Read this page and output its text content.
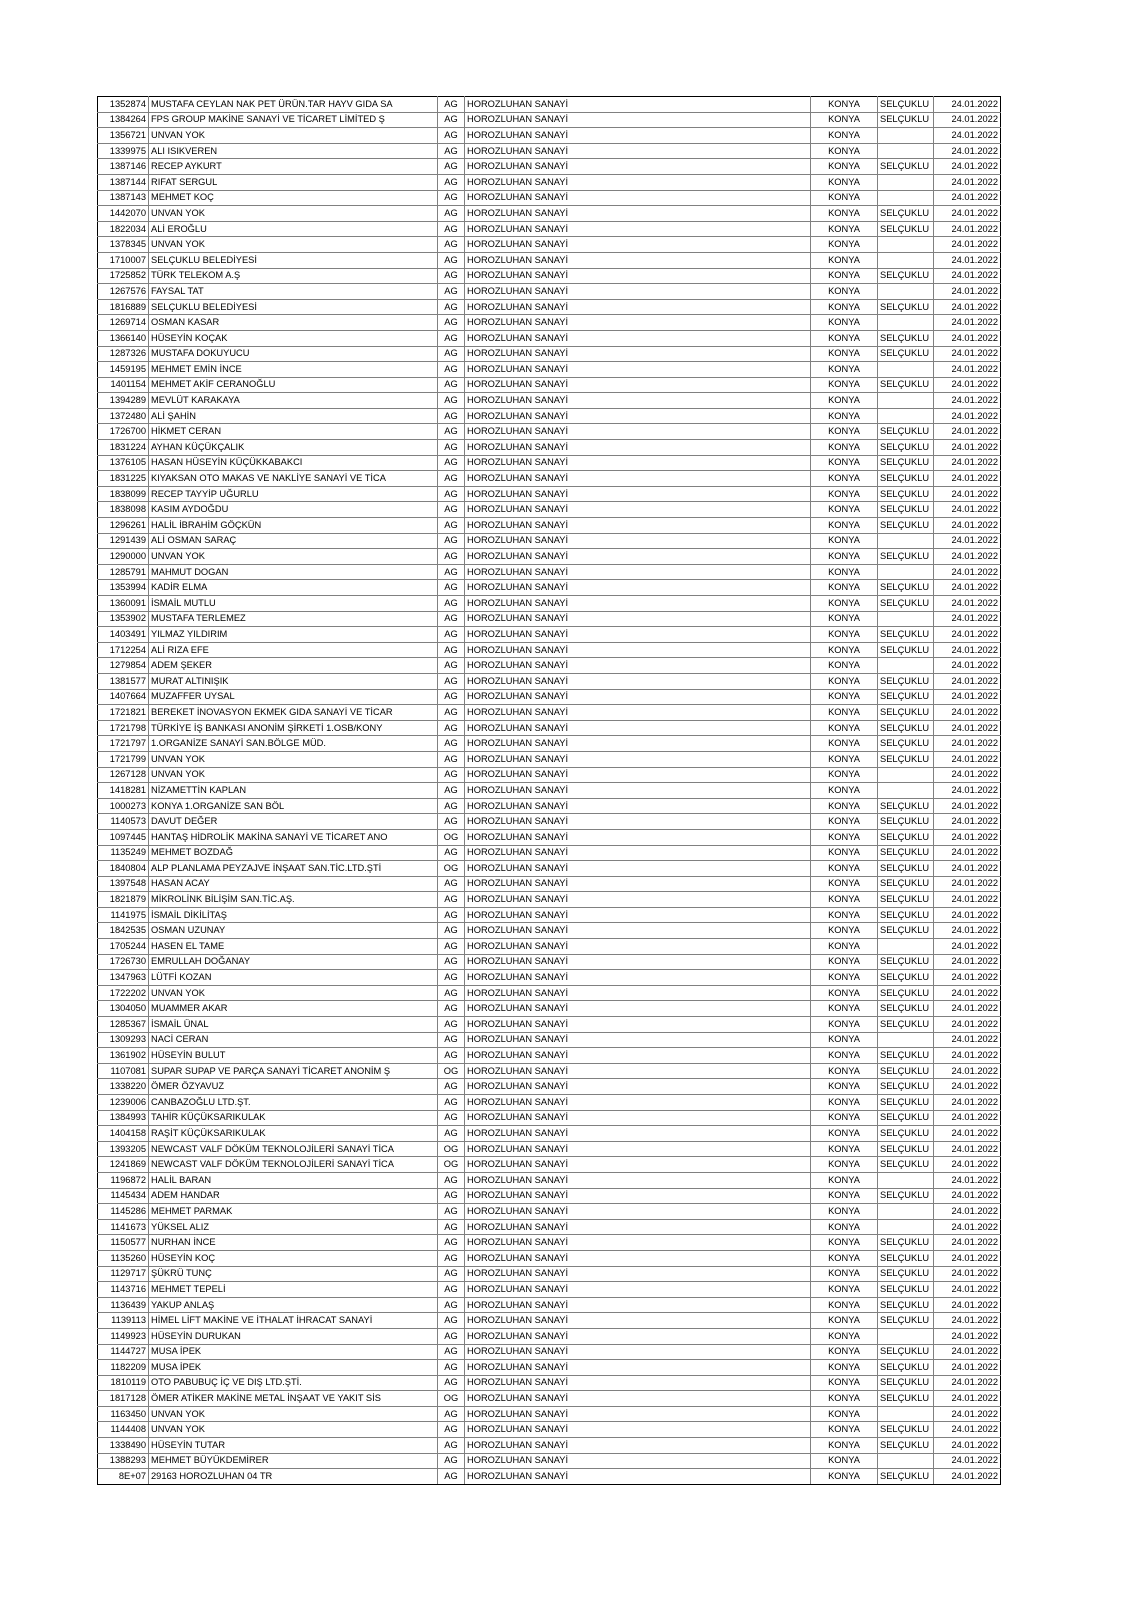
1352874	MUSTAFA CEYLAN NAK PET ÜRÜN.TAR HAYV GIDA SA	AG	HOROZLUHAN SANAYİ	KONYA	SELÇUKLU	24.01.2022
1384264	FPS GROUP MAKİNE SANAYİ VE TİCARET LİMİTED Ş	AG	HOROZLUHAN SANAYİ	KONYA	SELÇUKLU	24.01.2022
1356721	UNVAN YOK	AG	HOROZLUHAN SANAYİ	KONYA		24.01.2022
1339975	ALI ISIKVEREN	AG	HOROZLUHAN SANAYİ	KONYA		24.01.2022
1387146	RECEP AYKURT	AG	HOROZLUHAN SANAYİ	KONYA	SELÇUKLU	24.01.2022
1387144	RIFAT SERGUL	AG	HOROZLUHAN SANAYİ	KONYA		24.01.2022
1387143	MEHMET KOÇ	AG	HOROZLUHAN SANAYİ	KONYA		24.01.2022
1442070	UNVAN YOK	AG	HOROZLUHAN SANAYİ	KONYA	SELÇUKLU	24.01.2022
1822034	ALİ EROĞLU	AG	HOROZLUHAN SANAYİ	KONYA	SELÇUKLU	24.01.2022
1378345	UNVAN YOK	AG	HOROZLUHAN SANAYİ	KONYA		24.01.2022
1710007	SELÇUKLU BELEDİYESİ	AG	HOROZLUHAN SANAYİ	KONYA		24.01.2022
1725852	TÜRK TELEKOM A.Ş	AG	HOROZLUHAN SANAYİ	KONYA	SELÇUKLU	24.01.2022
1267576	FAYSAL TAT	AG	HOROZLUHAN SANAYİ	KONYA		24.01.2022
1816889	SELÇUKLU BELEDİYESİ	AG	HOROZLUHAN SANAYİ	KONYA	SELÇUKLU	24.01.2022
1269714	OSMAN KASAR	AG	HOROZLUHAN SANAYİ	KONYA		24.01.2022
1366140	HÜSEYİN KOÇAK	AG	HOROZLUHAN SANAYİ	KONYA	SELÇUKLU	24.01.2022
1287326	MUSTAFA DOKUYUCU	AG	HOROZLUHAN SANAYİ	KONYA	SELÇUKLU	24.01.2022
1459195	MEHMET EMİN İNCE	AG	HOROZLUHAN SANAYİ	KONYA		24.01.2022
1401154	MEHMET AKİF CERANOĞLU	AG	HOROZLUHAN SANAYİ	KONYA	SELÇUKLU	24.01.2022
1394289	MEVLÜT KARAKAYA	AG	HOROZLUHAN SANAYİ	KONYA		24.01.2022
1372480	ALİ ŞAHİN	AG	HOROZLUHAN SANAYİ	KONYA		24.01.2022
1726700	HİKMET CERAN	AG	HOROZLUHAN SANAYİ	KONYA	SELÇUKLU	24.01.2022
1831224	AYHAN KÜÇÜKÇALIK	AG	HOROZLUHAN SANAYİ	KONYA	SELÇUKLU	24.01.2022
1376105	HASAN HÜSEYİN KÜÇÜKKABAKCI	AG	HOROZLUHAN SANAYİ	KONYA	SELÇUKLU	24.01.2022
1831225	KIYAKSAN OTO MAKAS VE NAKLİYE SANAYİ VE TİCA	AG	HOROZLUHAN SANAYİ	KONYA	SELÇUKLU	24.01.2022
1838099	RECEP TAYYİP UĞURLU	AG	HOROZLUHAN SANAYİ	KONYA	SELÇUKLU	24.01.2022
1838098	KASIM AYDOĞDU	AG	HOROZLUHAN SANAYİ	KONYA	SELÇUKLU	24.01.2022
1296261	HALİL İBRAHİM GÖÇKÜN	AG	HOROZLUHAN SANAYİ	KONYA	SELÇUKLU	24.01.2022
1291439	ALİ OSMAN SARAÇ	AG	HOROZLUHAN SANAYİ	KONYA		24.01.2022
1290000	UNVAN YOK	AG	HOROZLUHAN SANAYİ	KONYA	SELÇUKLU	24.01.2022
1285791	MAHMUT DOGAN	AG	HOROZLUHAN SANAYİ	KONYA		24.01.2022
1353994	KADİR ELMA	AG	HOROZLUHAN SANAYİ	KONYA	SELÇUKLU	24.01.2022
1360091	İSMAİL MUTLU	AG	HOROZLUHAN SANAYİ	KONYA	SELÇUKLU	24.01.2022
1353902	MUSTAFA TERLEMEZ	AG	HOROZLUHAN SANAYİ	KONYA		24.01.2022
1403491	YILMAZ YILDIRIM	AG	HOROZLUHAN SANAYİ	KONYA	SELÇUKLU	24.01.2022
1712254	ALİ RIZA EFE	AG	HOROZLUHAN SANAYİ	KONYA	SELÇUKLU	24.01.2022
1279854	ADEM ŞEKER	AG	HOROZLUHAN SANAYİ	KONYA		24.01.2022
1381577	MURAT ALTINIŞIK	AG	HOROZLUHAN SANAYİ	KONYA	SELÇUKLU	24.01.2022
1407664	MUZAFFER UYSAL	AG	HOROZLUHAN SANAYİ	KONYA	SELÇUKLU	24.01.2022
1721821	BEREKET İNOVASYON EKMEK GIDA SANAYİ VE TİCAR	AG	HOROZLUHAN SANAYİ	KONYA	SELÇUKLU	24.01.2022
1721798	TÜRKİYE İŞ BANKASI ANONİM ŞİRKETİ 1.OSB/KONY	AG	HOROZLUHAN SANAYİ	KONYA	SELÇUKLU	24.01.2022
1721797	1.ORGANİZE SANAYİ SAN.BÖLGE MÜD.	AG	HOROZLUHAN SANAYİ	KONYA	SELÇUKLU	24.01.2022
1721799	UNVAN YOK	AG	HOROZLUHAN SANAYİ	KONYA	SELÇUKLU	24.01.2022
1267128	UNVAN YOK	AG	HOROZLUHAN SANAYİ	KONYA		24.01.2022
1418281	NİZAMETTİN KAPLAN	AG	HOROZLUHAN SANAYİ	KONYA		24.01.2022
1000273	KONYA 1.ORGANİZE SAN BÖL	AG	HOROZLUHAN SANAYİ	KONYA	SELÇUKLU	24.01.2022
1140573	DAVUT DEĞER	AG	HOROZLUHAN SANAYİ	KONYA	SELÇUKLU	24.01.2022
1097445	HANTAŞ HİDROLİK MAKİNA SANAYİ VE TİCARET ANO	OG	HOROZLUHAN SANAYİ	KONYA	SELÇUKLU	24.01.2022
1135249	MEHMET BOZDAĞ	AG	HOROZLUHAN SANAYİ	KONYA	SELÇUKLU	24.01.2022
1840804	ALP PLANLAMA PEYZAJVE İNŞAAT SAN.TİC.LTD.ŞTİ	OG	HOROZLUHAN SANAYİ	KONYA	SELÇUKLU	24.01.2022
1397548	HASAN ACAY	AG	HOROZLUHAN SANAYİ	KONYA	SELÇUKLU	24.01.2022
1821879	MİKROLİNK BİLİŞİM SAN.TİC.AŞ.	AG	HOROZLUHAN SANAYİ	KONYA	SELÇUKLU	24.01.2022
1141975	İSMAİL DİKİLİTAŞ	AG	HOROZLUHAN SANAYİ	KONYA	SELÇUKLU	24.01.2022
1842535	OSMAN UZUNAY	AG	HOROZLUHAN SANAYİ	KONYA	SELÇUKLU	24.01.2022
1705244	HASEN EL TAME	AG	HOROZLUHAN SANAYİ	KONYA		24.01.2022
1726730	EMRULLAH DOĞANAY	AG	HOROZLUHAN SANAYİ	KONYA	SELÇUKLU	24.01.2022
1347963	LÜTFİ KOZAN	AG	HOROZLUHAN SANAYİ	KONYA	SELÇUKLU	24.01.2022
1722202	UNVAN YOK	AG	HOROZLUHAN SANAYİ	KONYA	SELÇUKLU	24.01.2022
1304050	MUAMMER AKAR	AG	HOROZLUHAN SANAYİ	KONYA	SELÇUKLU	24.01.2022
1285367	İSMAİL ÜNAL	AG	HOROZLUHAN SANAYİ	KONYA	SELÇUKLU	24.01.2022
1309293	NACİ CERAN	AG	HOROZLUHAN SANAYİ	KONYA		24.01.2022
1361902	HÜSEYİN BULUT	AG	HOROZLUHAN SANAYİ	KONYA	SELÇUKLU	24.01.2022
1107081	SUPAR SUPAP VE PARÇA SANAYİ TİCARET ANONİM Ş	OG	HOROZLUHAN SANAYİ	KONYA	SELÇUKLU	24.01.2022
1338220	ÖMER ÖZYAVUZ	AG	HOROZLUHAN SANAYİ	KONYA	SELÇUKLU	24.01.2022
1239006	CANBAZOĞLU LTD.ŞT.	AG	HOROZLUHAN SANAYİ	KONYA	SELÇUKLU	24.01.2022
1384993	TAHİR KÜÇÜKSARIKULAK	AG	HOROZLUHAN SANAYİ	KONYA	SELÇUKLU	24.01.2022
1404158	RAŞİT KÜÇÜKSARIKULAK	AG	HOROZLUHAN SANAYİ	KONYA	SELÇUKLU	24.01.2022
1393205	NEWCAST VALF DÖKÜM TEKNOLOJİLERİ SANAYİ TİCA	OG	HOROZLUHAN SANAYİ	KONYA	SELÇUKLU	24.01.2022
1241869	NEWCAST VALF DÖKÜM TEKNOLOJİLERİ SANAYİ TİCA	OG	HOROZLUHAN SANAYİ	KONYA	SELÇUKLU	24.01.2022
1196872	HALİL BARAN	AG	HOROZLUHAN SANAYİ	KONYA		24.01.2022
1145434	ADEM HANDAR	AG	HOROZLUHAN SANAYİ	KONYA	SELÇUKLU	24.01.2022
1145286	MEHMET PARMAK	AG	HOROZLUHAN SANAYİ	KONYA		24.01.2022
1141673	YÜKSEL ALIZ	AG	HOROZLUHAN SANAYİ	KONYA		24.01.2022
1150577	NURHAN İNCE	AG	HOROZLUHAN SANAYİ	KONYA	SELÇUKLU	24.01.2022
1135260	HÜSEYİN KOÇ	AG	HOROZLUHAN SANAYİ	KONYA	SELÇUKLU	24.01.2022
1129717	ŞÜKRÜ TUNÇ	AG	HOROZLUHAN SANAYİ	KONYA	SELÇUKLU	24.01.2022
1143716	MEHMET TEPELİ	AG	HOROZLUHAN SANAYİ	KONYA	SELÇUKLU	24.01.2022
1136439	YAKUP ANLAŞ	AG	HOROZLUHAN SANAYİ	KONYA	SELÇUKLU	24.01.2022
1139113	HİMEL LİFT MAKİNE VE İTHALAT İHRACAT SANAYİ	AG	HOROZLUHAN SANAYİ	KONYA	SELÇUKLU	24.01.2022
1149923	HÜSEYİN DURUKAN	AG	HOROZLUHAN SANAYİ	KONYA		24.01.2022
1144727	MUSA İPEK	AG	HOROZLUHAN SANAYİ	KONYA	SELÇUKLU	24.01.2022
1182209	MUSA İPEK	AG	HOROZLUHAN SANAYİ	KONYA	SELÇUKLU	24.01.2022
1810119	OTO PABUBUÇ İÇ VE DIŞ LTD.ŞTİ.	AG	HOROZLUHAN SANAYİ	KONYA	SELÇUKLU	24.01.2022
1817128	ÖMER ATİKER MAKİNE METAL İNŞAAT VE YAKIT SİS	OG	HOROZLUHAN SANAYİ	KONYA	SELÇUKLU	24.01.2022
1163450	UNVAN YOK	AG	HOROZLUHAN SANAYİ	KONYA		24.01.2022
1144408	UNVAN YOK	AG	HOROZLUHAN SANAYİ	KONYA	SELÇUKLU	24.01.2022
1338490	HÜSEYİN TUTAR	AG	HOROZLUHAN SANAYİ	KONYA	SELÇUKLU	24.01.2022
1388293	MEHMET BÜYÜKDEMİRER	AG	HOROZLUHAN SANAYİ	KONYA		24.01.2022
8E+07	29163 HOROZLUHAN 04 TR	AG	HOROZLUHAN SANAYİ	KONYA	SELÇUKLU	24.01.2022
